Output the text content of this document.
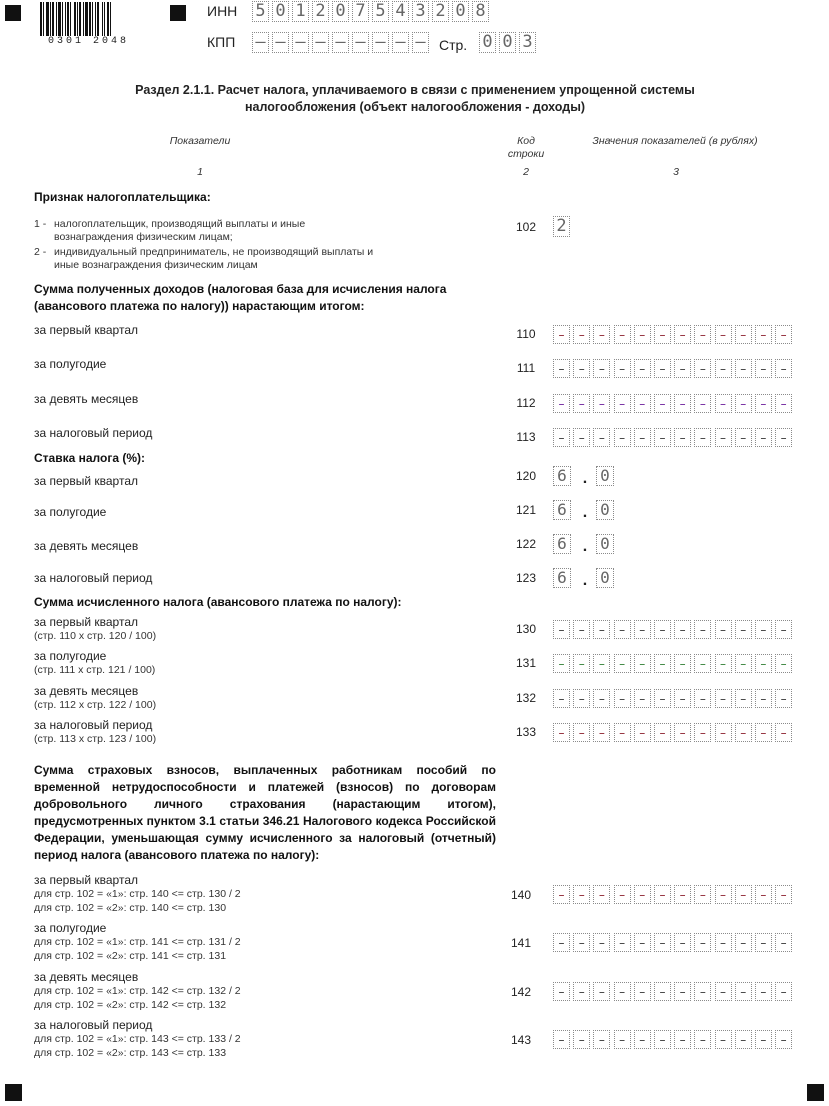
0301 2048
ИНН 5 0 1 2 0 7 5 4 3 2 0 8
КПП – – – – – – – – – Стр. 0 0 3
Раздел 2.1.1. Расчет налога, уплачиваемого в связи с применением упрощенной системы
налогообложения (объект налогообложения - доходы)
Показатели	Код
строки
Значения показателей (в рублях)
1	2	3
Признак налогоплательщика:
1 - налогоплательщик, производящий выплаты и иные
вознаграждения физическим лицам;
2 - индивидуальный предприниматель, не производящий выплаты и
иные вознаграждения физическим лицам
102	2
Сумма полученных доходов (налоговая база для исчисления налога
(авансового платежа по налогу)) нарастающим итогом:
за первый квартал	110	–	–	–	–	–	–	–	–	–	–	–	–
за полугодие	111	–	–	–	–	–	–	–	–	–	–	–	–
за девять месяцев	112	–	–	–	–	–	–	–	–	–	–	–	–
за налоговый период	113	–	–	–	–	–	–	–	–	–	–	–	–
Ставка налога (%):
за первый квартал	120	6 . 0
за полугодие	121	6 . 0
за девять месяцев	122	6 . 0
за налоговый период	123	6 . 0
Сумма исчисленного налога (авансового платежа по налогу):
за первый квартал
(стр. 110 х стр. 120 / 100)	130	–	–	–	–	–	–	–	–	–	–	–	–
за полугодие
(стр. 111 х стр. 121 / 100)	131	–	–	–	–	–	–	–	–	–	–	–	–
за девять месяцев
(стр. 112 х стр. 122 / 100)	132	–	–	–	–	–	–	–	–	–	–	–	–
за налоговый период
(стр. 113 х стр. 123 / 100)	133	–	–	–	–	–	–	–	–	–	–	–	–
Сумма страховых взносов, выплаченных работникам пособий по временной нетрудоспособности и платежей (взносов) по договорам добровольного личного страхования (нарастающим итогом), предусмотренных пунктом 3.1 статьи 346.21 Налогового кодекса Российской Федерации, уменьшающая сумму исчисленного за налоговый (отчетный) период налога (авансового платежа по налогу):
за первый квартал
для стр. 102 = «1»: стр. 140 <= стр. 130 / 2
для стр. 102 = «2»: стр. 140 <= стр. 130
140	–	–	–	–	–	–	–	–	–	–	–	–
за полугодие
для стр. 102 = «1»: стр. 141 <= стр. 131 / 2
для стр. 102 = «2»: стр. 141 <= стр. 131
141	–	–	–	–	–	–	–	–	–	–	–	–
за девять месяцев
для стр. 102 = «1»: стр. 142 <= стр. 132 / 2
для стр. 102 = «2»: стр. 142 <= стр. 132
142	–	–	–	–	–	–	–	–	–	–	–	–
за налоговый период
для стр. 102 = «1»: стр. 143 <= стр. 133 / 2
для стр. 102 = «2»: стр. 143 <= стр. 133
143	–	–	–	–	–	–	–	–	–	–	–	–
